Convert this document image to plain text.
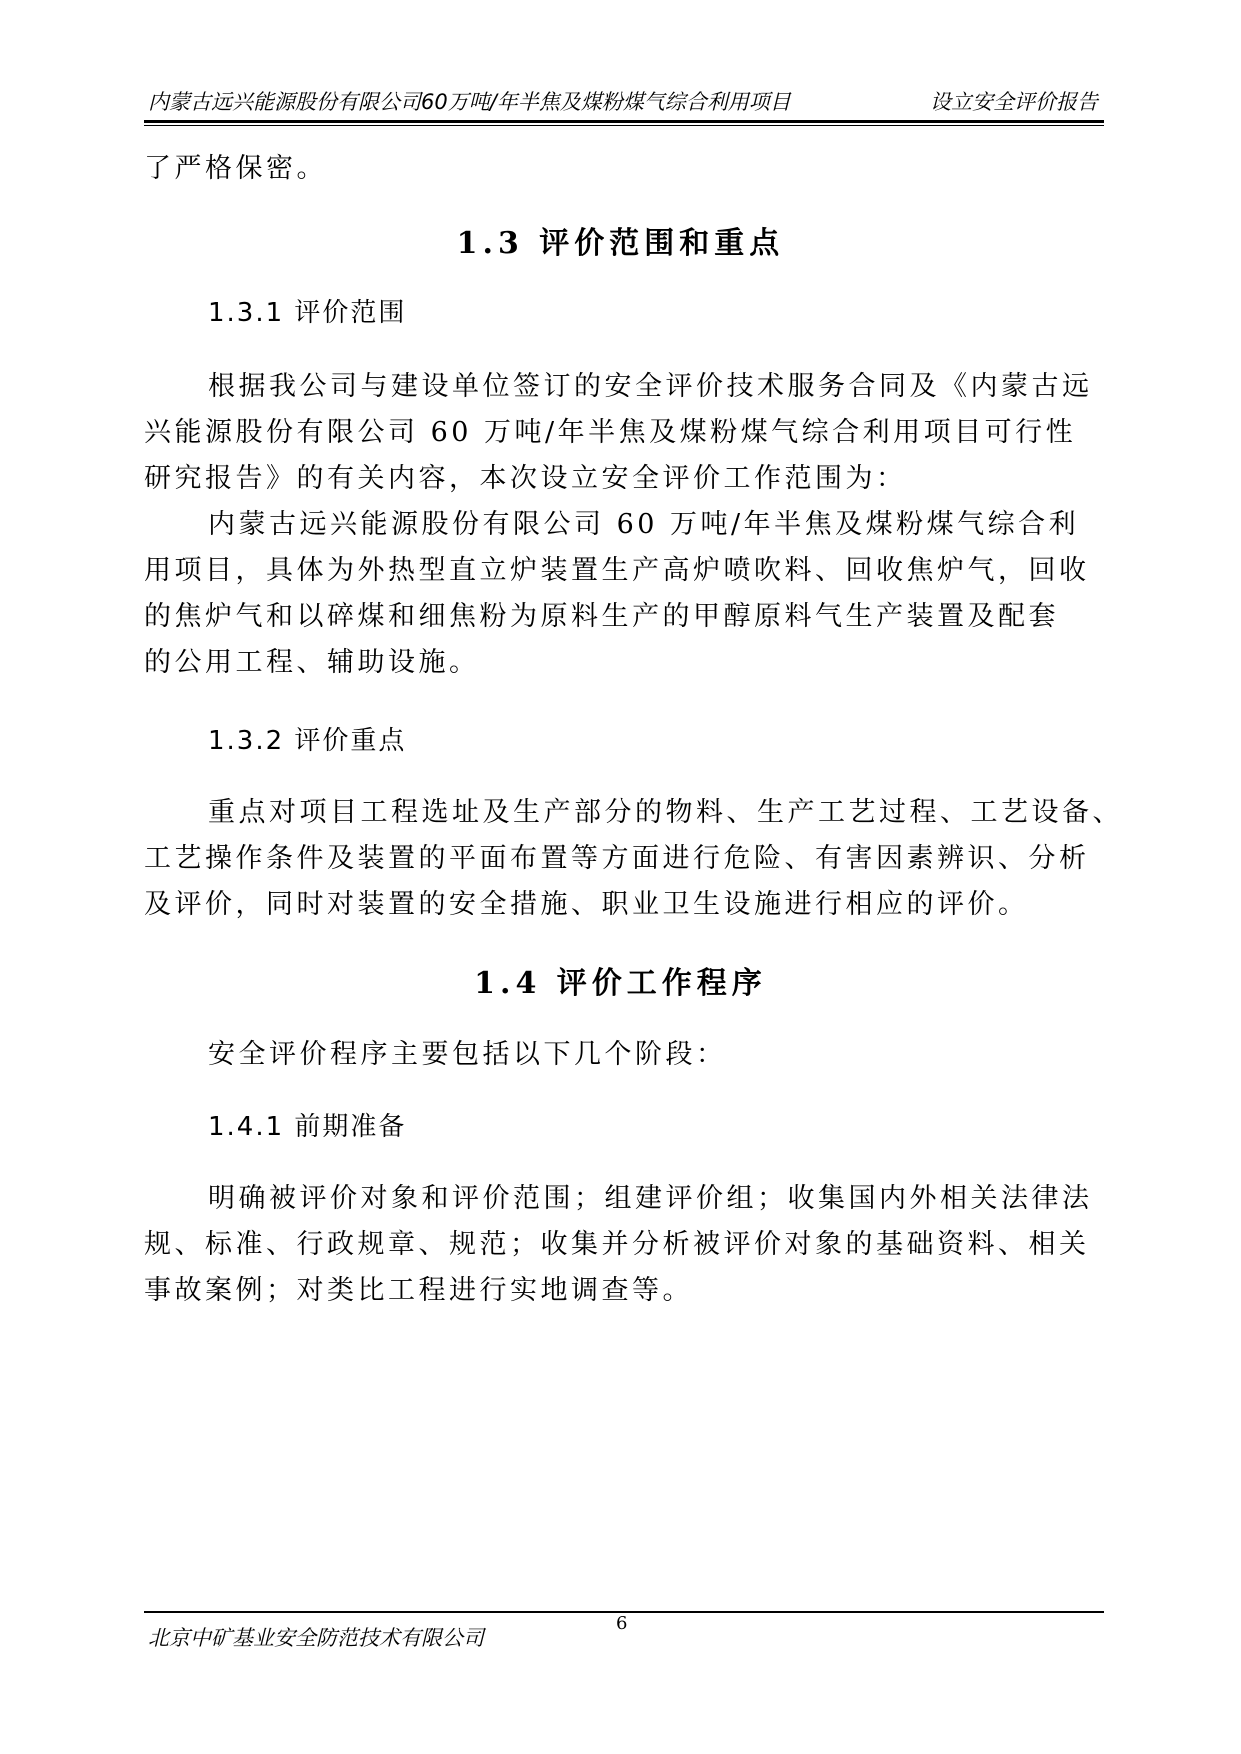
内蒙古远兴能源股份有限公司60万吨/年半焦及煤粉煤气综合利用项目	设立安全评价报告
了严格保密。
1.3 评价范围和重点
1.3.1 评价范围
根据我公司与建设单位签订的安全评价技术服务合同及《内蒙古远
兴能源股份有限公司 60 万吨/年半焦及煤粉煤气综合利用项目可行性
研究报告》的有关内容，本次设立安全评价工作范围为：
内蒙古远兴能源股份有限公司 60 万吨/年半焦及煤粉煤气综合利
用项目，具体为外热型直立炉装置生产高炉喷吹料、回收焦炉气，回收
的焦炉气和以碎煤和细焦粉为原料生产的甲醇原料气生产装置及配套
的公用工程、辅助设施。
1.3.2 评价重点
重点对项目工程选址及生产部分的物料、生产工艺过程、工艺设备、
工艺操作条件及装置的平面布置等方面进行危险、有害因素辨识、分析
及评价，同时对装置的安全措施、职业卫生设施进行相应的评价。
1.4 评价工作程序
安全评价程序主要包括以下几个阶段：
1.4.1 前期准备
明确被评价对象和评价范围；组建评价组；收集国内外相关法律法
规、标准、行政规章、规范；收集并分析被评价对象的基础资料、相关
事故案例；对类比工程进行实地调查等。
北京中矿基业安全防范技术有限公司
6
